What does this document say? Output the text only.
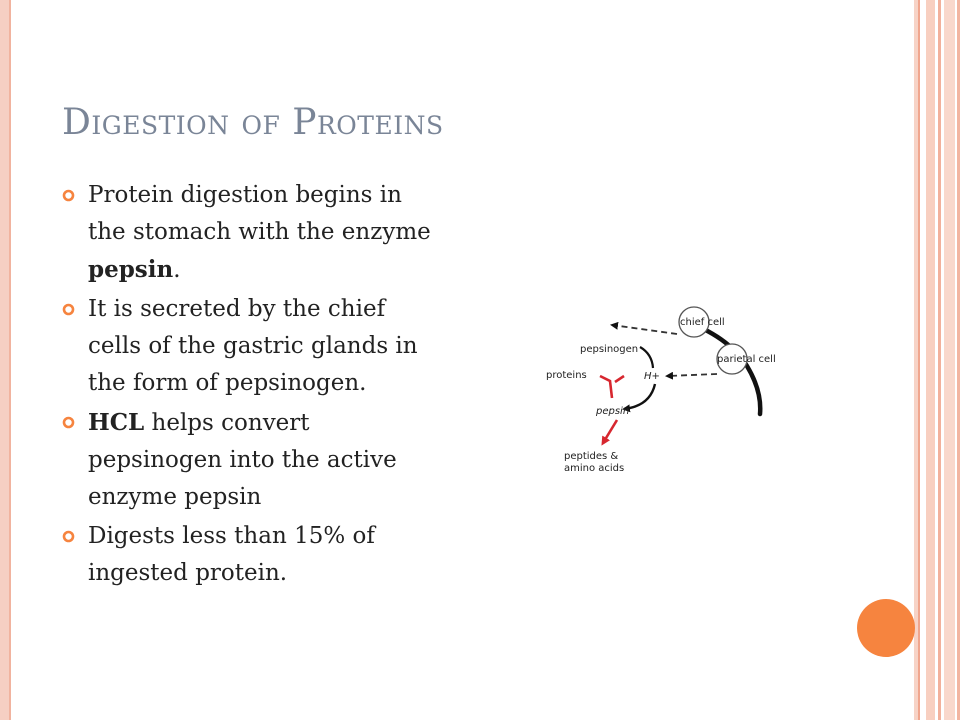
Digestion of Proteins
Protein digestion begins in the stomach with the enzyme pepsin.
It is secreted by the chief cells of the gastric glands in the form of pepsinogen.
HCL helps convert pepsinogen into the active enzyme pepsin
Digests less than 15% of ingested protein.
chief cell
parietal cell
pepsinogen
H+
proteins
pepsin
peptides &
amino acids
